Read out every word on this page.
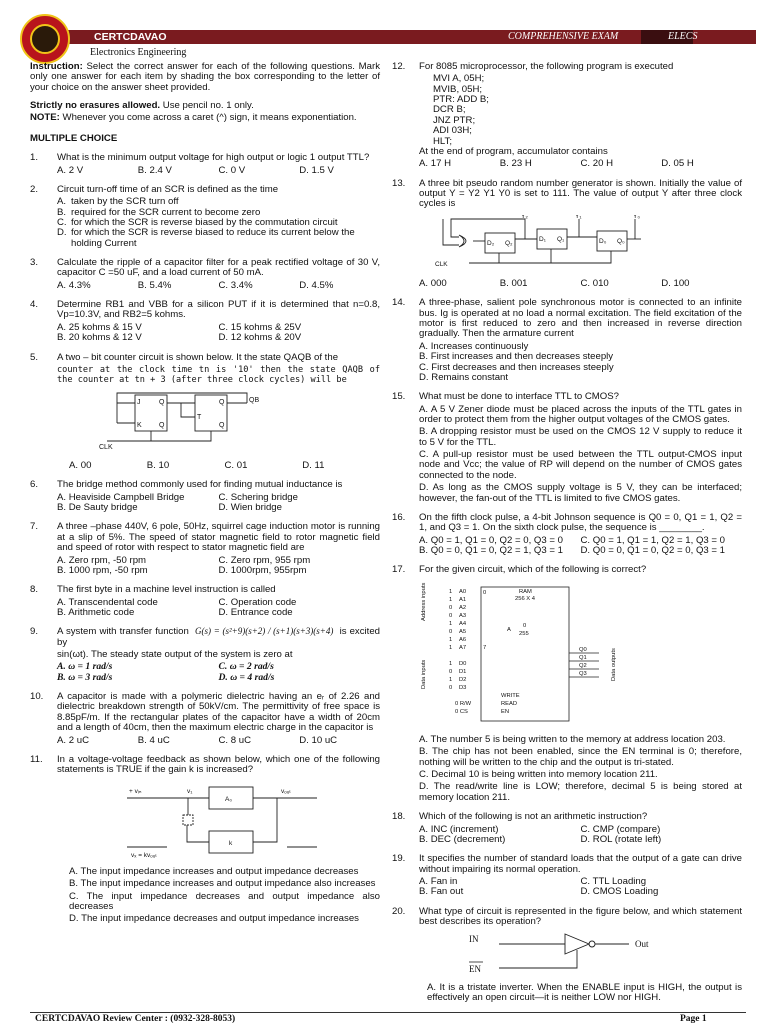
CERTCDAVAO	COMPREHENSIVE EXAM	ELECS
Electronics Engineering
Instruction: Select the correct answer for each of the following questions. Mark only one answer for each item by shading the box corresponding to the letter of your choice on the answer sheet provided.
Strictly no erasures allowed. Use pencil no. 1 only.
NOTE: Whenever you come across a caret (^) sign, it means exponentiation.
MULTIPLE CHOICE
1. What is the minimum output voltage for high output or logic 1 output TTL?
A. 2 V	B. 2.4 V	C. 0 V	D. 1.5 V
2. Circuit turn-off time of an SCR is defined as the time
A. taken by the SCR turn off
B. required for the SCR current to become zero
C. for which the SCR is reverse biased by the commutation circuit
D. for which the SCR is reverse biased to reduce its current below the holding Current
3. Calculate the ripple of a capacitor filter for a peak rectified voltage of 30 V, capacitor C =50 uF, and a load current of 50 mA.
A. 4.3%	B. 5.4%	C. 3.4%	D. 4.5%
4. Determine RB1 and VBB for a silicon PUT if it is determined that n=0.8, Vp=10.3V, and RB2=5 kohms.
A. 25 kohms & 15 V	C. 15 kohms & 25V
B. 20 kohms & 12 V	D. 12 kohms & 20V
5. A two – bit counter circuit is shown below. It the state QAQB of the
counter at the clock time tn is '10' then the state QAQB of the counter at tn + 3 (after three clock cycles) will be
J
K
Q
Q
T
Q
Q
QB
CLK
A. 00	B. 10	C. 01	D. 11
6. The bridge method commonly used for finding mutual inductance is
A. Heaviside Campbell Bridge	C. Schering bridge
B. De Sauty bridge	D. Wien bridge
7. A three –phase 440V, 6 pole, 50Hz, squirrel cage induction motor is running at a slip of 5%. The speed of stator magnetic field to rotor magnetic field and speed of rotor with respect to stator magnetic field are
A. Zero rpm, -50 rpm	C. Zero rpm, 955 rpm
B. 1000 rpm, -50 rpm	D. 1000rpm, 955rpm
8. The first byte in a machine level instruction is called
A. Transcendental code	C. Operation code
B. Arithmetic code	D. Entrance code
9. A system with transfer function G(s) = (s²+9)(s+2) / (s+1)(s+3)(s+4) is excited by
sin(ωt). The steady state output of the system is zero at
A. ω = 1 rad/s	C. ω = 2 rad/s
B. ω = 3 rad/s	D. ω = 4 rad/s
10. A capacitor is made with a polymeric dielectric having an eᵣ of 2.26 and dielectric breakdown strength of 50kV/cm. The permittivity of free space is 8.85pF/m. If the rectangular plates of the capacitor have a width of 20cm and a length of 40cm, then the maximum electric charge in the capacitor is
A. 2 uC	B. 4 uC	C. 8 uC	D. 10 uC
11. In a voltage-voltage feedback as shown below, which one of the following statements is TRUE if the gain k is increased?
+ vᵢₙ	v₁
A₀
vₒᵤₜ
vₓ = kvₒᵤₜ
k
A. The input impedance increases and output impedance decreases
B. The input impedance increases and output impedance also increases
C. The input impedance decreases and output impedance also decreases
D. The input impedance decreases and output impedance increases
12. For 8085 microprocessor, the following program is executed
MVI A, 05H;
MVIB, 05H;
PTR: ADD B;
DCR B;
JNZ PTR;
ADI 03H;
HLT;
At the end of program, accumulator contains
A. 17 H	B. 23 H	C. 20 H	D. 05 H
13. A three bit pseudo random number generator is shown. Initially the value of output Y = Y2 Y1 Y0 is set to 111. The value of output Y after three clock cycles is
Y₂	Y₁	Y₀
D₂ Q₂
D₁ Q₁	D₀ Q₀
CLK
A. 000	B. 001	C. 010	D. 100
14. A three-phase, salient pole synchronous motor is connected to an infinite bus. Ig is operated at no load a normal excitation. The field excitation of the motor is first reduced to zero and then increased in reverse direction gradually. Then the armature current
A. Increases continuously
B. First increases and then decreases steeply
C. First decreases and then increases steeply
D. Remains constant
15. What must be done to interface TTL to CMOS?
A. A 5 V Zener diode must be placed across the inputs of the TTL gates in order to protect them from the higher output voltages of the CMOS gates.
B. A dropping resistor must be used on the CMOS 12 V supply to reduce it to 5 V for the TTL.
C. A pull-up resistor must be used between the TTL output-CMOS input node and Vcc; the value of RP will depend on the number of CMOS gates connected to the node.
D. As long as the CMOS supply voltage is 5 V, they can be interfaced; however, the fan-out of the TTL is limited to five CMOS gates.
16. On the fifth clock pulse, a 4-bit Johnson sequence is Q0 = 0, Q1 = 1, Q2 = 1, and Q3 = 1. On the sixth clock pulse, the sequence is ________.
A. Q0 = 1, Q1 = 0, Q2 = 0, Q3 = 0	C. Q0 = 1, Q1 = 1, Q2 = 1, Q3 = 0
B. Q0 = 0, Q1 = 0, Q2 = 1, Q3 = 1	D. Q0 = 0, Q1 = 0, Q2 = 0, Q3 = 1
17. For the given circuit, which of the following is correct?
RAM
256 X 4
A
0
255
Address inputs
Data inputs	Data outputs
0
7
1 A0
1 A1
0 A2
0 A3
1 A4
0 A5
1 A6
1 A7
1 D0
0 D1
1 D2
0 D3
Q0
Q1
Q2
Q3
WRITE
READ
EN
0 R/W
0 CS
A. The number 5 is being written to the memory at address location 203.
B. The chip has not been enabled, since the EN terminal is 0; therefore, nothing will be written to the chip and the output is tri-stated.
C. Decimal 10 is being written into memory location 211.
D. The read/write line is LOW; therefore, decimal 5 is being stored at memory location 211.
18. Which of the following is not an arithmetic instruction?
A. INC (increment)	C. CMP (compare)
B. DEC (decrement)	D. ROL (rotate left)
19. It specifies the number of standard loads that the output of a gate can drive without impairing its normal operation.
A. Fan in	C. TTL Loading
B. Fan out	D. CMOS Loading
20. What type of circuit is represented in the figure below, and which statement best describes its operation?
IN
EN
Out
A. It is a tristate inverter. When the ENABLE input is HIGH, the output is effectively an open circuit—it is neither LOW nor HIGH.
CERTCDAVAO Review Center : (0932-328-8053)	Page 1
